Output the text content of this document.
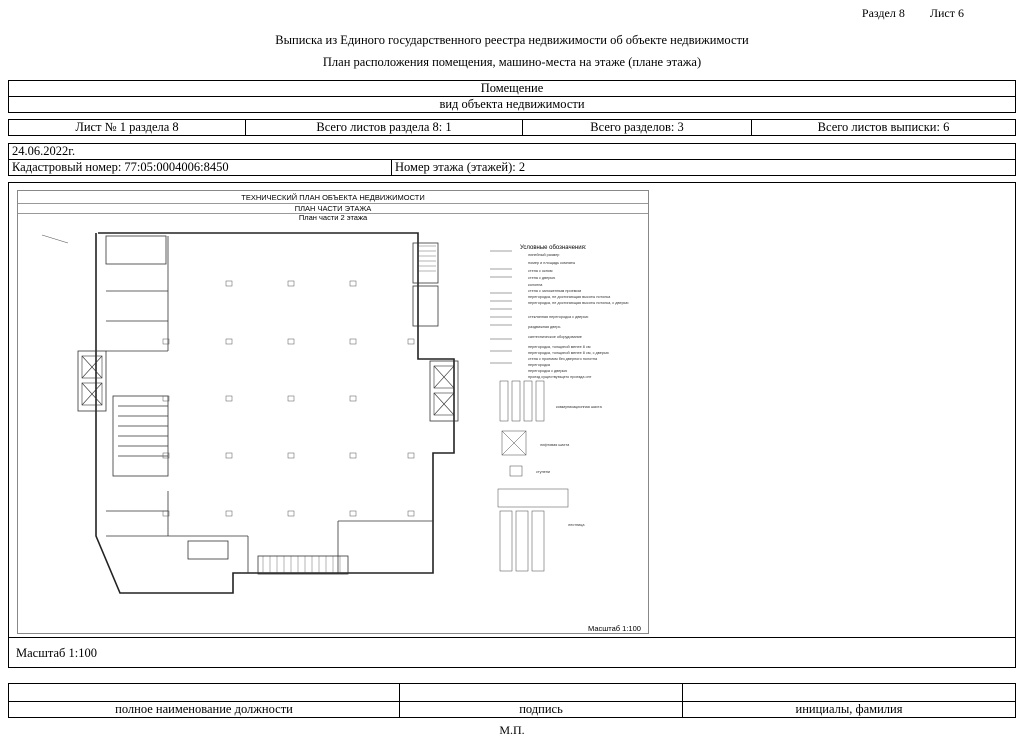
Раздел 8 Лист 6
Выписка из Единого государственного реестра недвижимости об объекте недвижимости
План расположения помещения, машино-места на этаже (плане этажа)
Помещение
вид объекта недвижимости
Лист № 1 раздела 8	Всего листов раздела 8: 1	Всего разделов: 3	Всего листов выписки: 6
24.06.2022г.
Кадастровый номер: 77:05:0004006:8450	Номер этажа (этажей): 2
ТЕХНИЧЕСКИЙ ПЛАН ОБЪЕКТА НЕДВИЖИМОСТИ
ПЛАН ЧАСТИ ЭТАЖА
План части 2 этажа
Условные обозначения:
линейный размер
номер и площадь комнаты
стена с окном
стена с дверью
колонна
стена с заложенным проемом
перегородка, не достигающая высоты потолка
перегородка, не достигающая высоты потолка, с дверью
стеклянная перегородка с дверью
раздвижная дверь
сантехническое оборудование
перегородка, толщиной менее 8 см
перегородка, толщиной менее 8 см, с дверью
стена с проемом без дверного полотна
перегородка
перегородка с дверью
проезд существующего проезда опт
коммуникационная шахта
лифтовая шахта
ступени
лестница
Масштаб 1:100
Масштаб 1:100

полное наименование должности	подпись	инициалы, фамилия
М.П.
